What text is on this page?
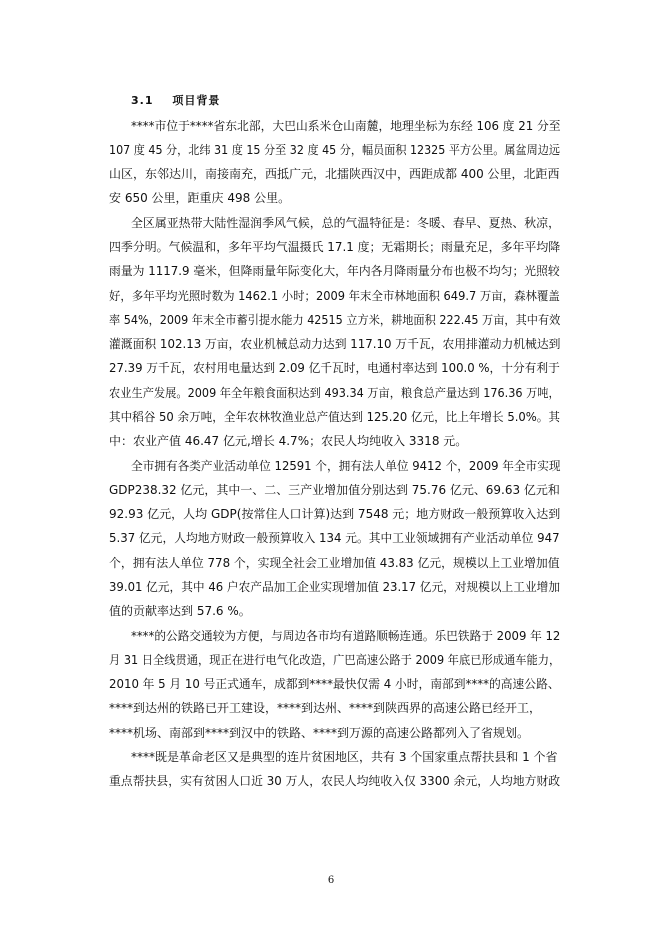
3.1 项目背景
****市位于****省东北部，大巴山系米仓山南麓，地理坐标为东经 106 度 21 分至
107 度 45 分，北纬 31 度 15 分至 32 度 45 分，幅员面积 12325 平方公里。属盆周边远
山区，东邻达川，南接南充，西抵广元，北擂陕西汉中，西距成都 400 公里，北距西
安 650 公里，距重庆 498 公里。
全区属亚热带大陆性湿润季风气候，总的气温特征是：冬暖、春早、夏热、秋凉，
四季分明。气候温和，多年平均气温摄氏 17.1 度；无霜期长；雨量充足，多年平均降
雨量为 1117.9 毫米，但降雨量年际变化大，年内各月降雨量分布也极不均匀；光照较
好，多年平均光照时数为 1462.1 小时；2009 年末全市林地面积 649.7 万亩，森林覆盖
率 54%，2009 年末全市蓄引提水能力 42515 立方米，耕地面积 222.45 万亩，其中有效
灌溉面积 102.13 万亩，农业机械总动力达到 117.10 万千瓦，农用排灌动力机械达到
27.39 万千瓦，农村用电量达到 2.09 亿千瓦时，电通村率达到 100.0 %，十分有利于
农业生产发展。2009 年全年粮食面积达到 493.34 万亩，粮食总产量达到 176.36 万吨，
其中稻谷 50 余万吨，全年农林牧渔业总产值达到 125.20 亿元，比上年增长 5.0%。其
中：农业产值 46.47 亿元,增长 4.7%；农民人均纯收入 3318 元。
全市拥有各类产业活动单位 12591 个，拥有法人单位 9412 个，2009 年全市实现
GDP238.32 亿元，其中一、二、三产业增加值分别达到 75.76 亿元、69.63 亿元和
92.93 亿元，人均 GDP(按常住人口计算)达到 7548 元；地方财政一般预算收入达到
5.37 亿元，人均地方财政一般预算收入 134 元。其中工业领域拥有产业活动单位 947
个，拥有法人单位 778 个，实现全社会工业增加值 43.83 亿元，规模以上工业增加值
39.01 亿元，其中 46 户农产品加工企业实现增加值 23.17 亿元，对规模以上工业增加
值的贡献率达到 57.6 %。
****的公路交通较为方便，与周边各市均有道路顺畅连通。乐巴铁路于 2009 年 12
月 31 日全线贯通，现正在进行电气化改造，广巴高速公路于 2009 年底已形成通车能力，
2010 年 5 月 10 号正式通车，成都到****最快仅需 4 小时，南部到****的高速公路、
****到达州的铁路已开工建设，****到达州、****到陕西界的高速公路已经开工，
****机场、南部到****到汉中的铁路、****到万源的高速公路都列入了省规划。
****既是革命老区又是典型的连片贫困地区，共有 3 个国家重点帮扶县和 1 个省
重点帮扶县，实有贫困人口近 30 万人，农民人均纯收入仅 3300 余元，人均地方财政
6
